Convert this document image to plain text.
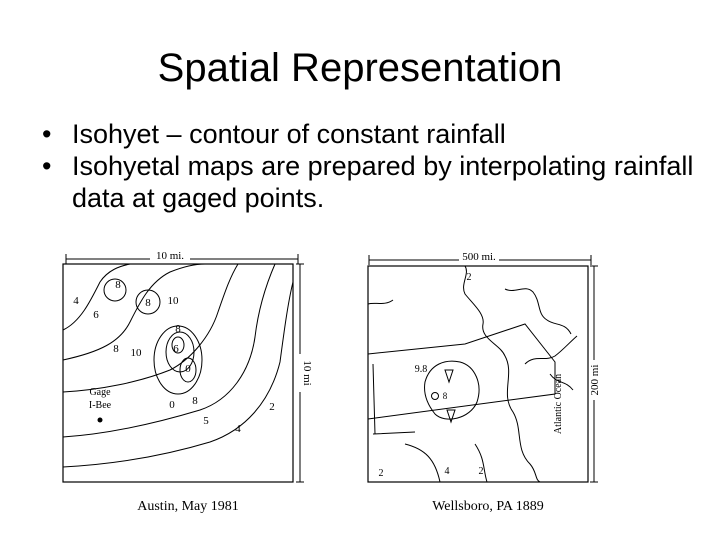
Spatial Representation
• Isohyet – contour of constant rainfall
• Isohyetal maps are prepared by interpolating rainfall data at gaged points.
10 mi.
10 mi
4
6
8
8 10
8
6
10
8
0
0 8	2
5
4
Gage
I-Bee
Austin, May 1981
500 mi.
200 mi
2
9.8
8
2	4	2
Atlantic Ocean
Wellsboro, PA 1889
